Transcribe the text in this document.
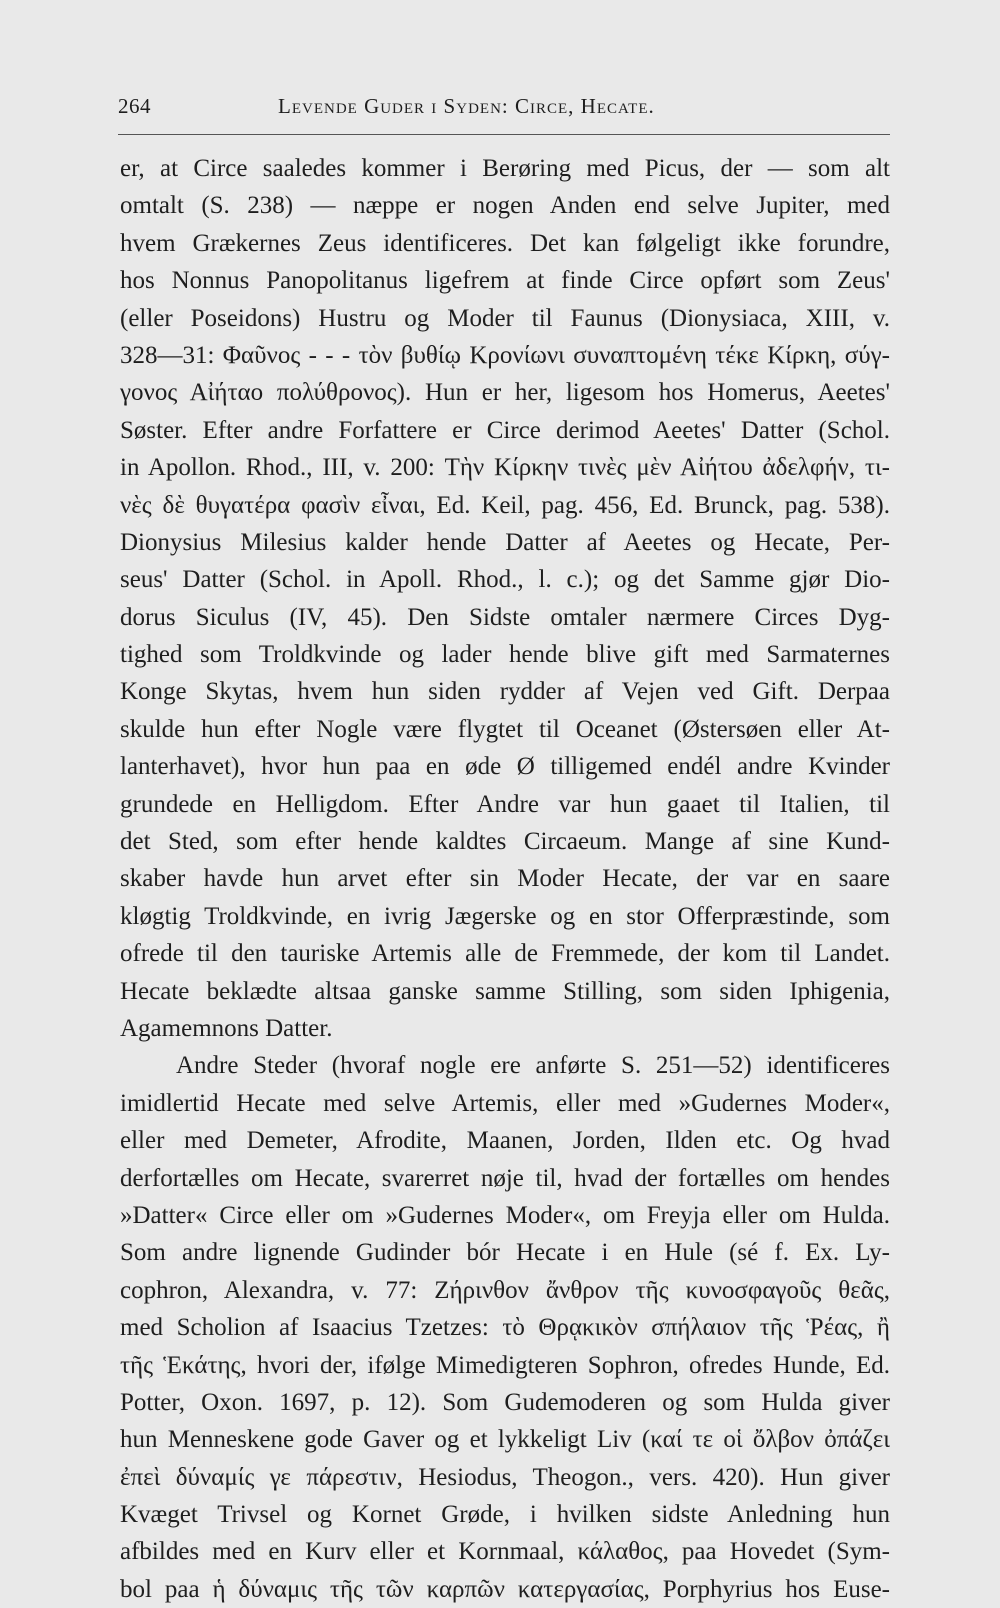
264	Levende Guder i Syden: Circe, Hecate.
er, at Circe saaledes kommer i Berøring med Picus, der — som alt
omtalt (S. 238) — næppe er nogen Anden end selve Jupiter, med
hvem Grækernes Zeus identificeres. Det kan følgeligt ikke forundre,
hos Nonnus Panopolitanus ligefrem at finde Circe opført som Zeus'
(eller Poseidons) Hustru og Moder til Faunus (Dionysiaca, XIII, v.
328—31: Φαῦνος - - - τὸν βυθίῳ Κρονίωνι συναπτομένη τέκε Κίρκη, σύγ-
γονος Αἰήταο πολύθρονος). Hun er her, ligesom hos Homerus, Aeetes'
Søster. Efter andre Forfattere er Circe derimod Aeetes' Datter (Schol.
in Apollon. Rhod., III, v. 200: Τὴν Κίρκην τινὲς μὲν Αἰήτου ἀδελφήν, τι-
νὲς δὲ θυγατέρα φασὶν εἶναι, Ed. Keil, pag. 456, Ed. Brunck, pag. 538).
Dionysius Milesius kalder hende Datter af Aeetes og Hecate, Per-
seus' Datter (Schol. in Apoll. Rhod., l. c.); og det Samme gjør Dio-
dorus Siculus (IV, 45). Den Sidste omtaler nærmere Circes Dyg-
tighed som Troldkvinde og lader hende blive gift med Sarmaternes
Konge Skytas, hvem hun siden rydder af Vejen ved Gift. Derpaa
skulde hun efter Nogle være flygtet til Oceanet (Østersøen eller At-
lanterhavet), hvor hun paa en øde Ø tilligemed endél andre Kvinder
grundede en Helligdom. Efter Andre var hun gaaet til Italien, til
det Sted, som efter hende kaldtes Circaeum. Mange af sine Kund-
skaber havde hun arvet efter sin Moder Hecate, der var en saare
kløgtig Troldkvinde, en ivrig Jægerske og en stor Offerpræstinde, som
ofrede til den tauriske Artemis alle de Fremmede, der kom til Landet.
Hecate beklædte altsaa ganske samme Stilling, som siden Iphigenia,
Agamemnons Datter.
Andre Steder (hvoraf nogle ere anførte S. 251—52) identificeres
imidlertid Hecate med selve Artemis, eller med »Gudernes Moder«,
eller med Demeter, Afrodite, Maanen, Jorden, Ilden etc. Og hvad
derfortælles om Hecate, svarerret nøje til, hvad der fortælles om hendes
»Datter« Circe eller om »Gudernes Moder«, om Freyja eller om Hulda.
Som andre lignende Gudinder bór Hecate i en Hule (sé f. Ex. Ly-
cophron, Alexandra, v. 77: Ζήρινθον ἄνθρον τῆς κυνοσφαγοῦς θεᾶς,
med Scholion af Isaacius Tzetzes: τὸ Θρᾳκικὸν σπήλαιον τῆς Ῥέας, ἢ
τῆς Ἑκάτης, hvori der, ifølge Mimedigteren Sophron, ofredes Hunde, Ed.
Potter, Oxon. 1697, p. 12). Som Gudemoderen og som Hulda giver
hun Menneskene gode Gaver og et lykkeligt Liv (καί τε οἱ ὄλβον ὀπάζει
ἐπεὶ δύναμίς γε πάρεστιν, Hesiodus, Theogon., vers. 420). Hun giver
Kvæget Trivsel og Kornet Grøde, i hvilken sidste Anledning hun
afbildes med en Kurv eller et Kornmaal, κάλαθος, paa Hovedet (Sym-
bol paa ἡ δύναμις τῆς τῶν καρπῶν κατεργασίας, Porphyrius hos Euse-
